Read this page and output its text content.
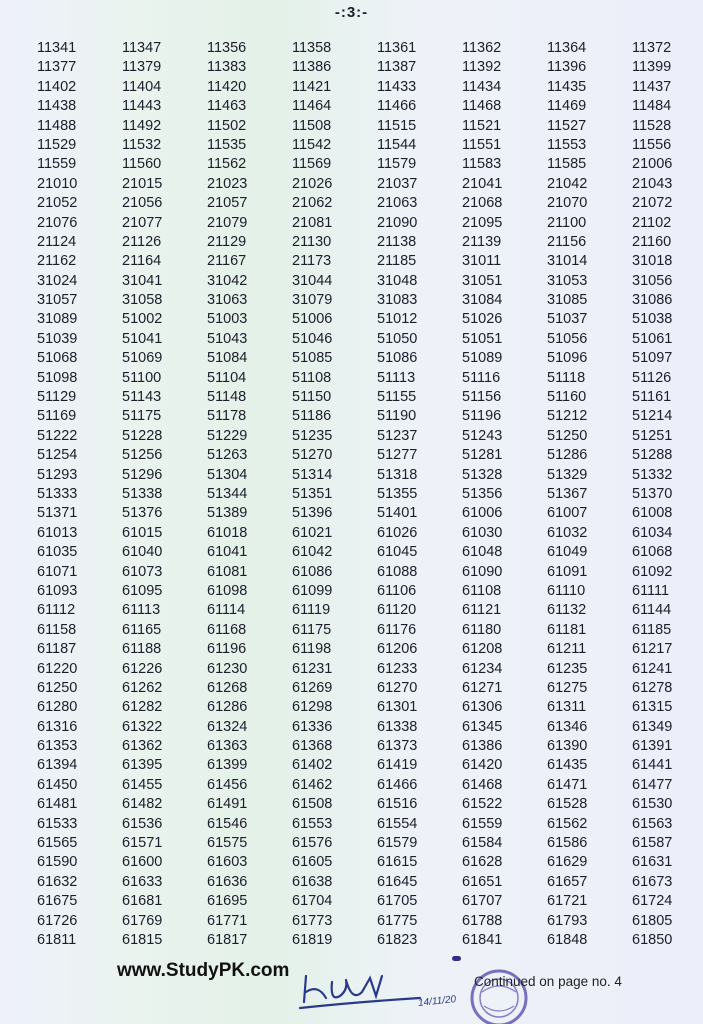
-:3:-
11341	11347	11356	11358	11361	11362	11364	11372
11377	11379	11383	11386	11387	11392	11396	11399
11402	11404	11420	11421	11433	11434	11435	11437
11438	11443	11463	11464	11466	11468	11469	11484
11488	11492	11502	11508	11515	11521	11527	11528
11529	11532	11535	11542	11544	11551	11553	11556
11559	11560	11562	11569	11579	11583	11585	21006
21010	21015	21023	21026	21037	21041	21042	21043
21052	21056	21057	21062	21063	21068	21070	21072
21076	21077	21079	21081	21090	21095	21100	21102
21124	21126	21129	21130	21138	21139	21156	21160
21162	21164	21167	21173	21185	31011	31014	31018
31024	31041	31042	31044	31048	31051	31053	31056
31057	31058	31063	31079	31083	31084	31085	31086
31089	51002	51003	51006	51012	51026	51037	51038
51039	51041	51043	51046	51050	51051	51056	51061
51068	51069	51084	51085	51086	51089	51096	51097
51098	51100	51104	51108	51113	51116	51118	51126
51129	51143	51148	51150	51155	51156	51160	51161
51169	51175	51178	51186	51190	51196	51212	51214
51222	51228	51229	51235	51237	51243	51250	51251
51254	51256	51263	51270	51277	51281	51286	51288
51293	51296	51304	51314	51318	51328	51329	51332
51333	51338	51344	51351	51355	51356	51367	51370
51371	51376	51389	51396	51401	61006	61007	61008
61013	61015	61018	61021	61026	61030	61032	61034
61035	61040	61041	61042	61045	61048	61049	61068
61071	61073	61081	61086	61088	61090	61091	61092
61093	61095	61098	61099	61106	61108	61110	61111
61112	61113	61114	61119	61120	61121	61132	61144
61158	61165	61168	61175	61176	61180	61181	61185
61187	61188	61196	61198	61206	61208	61211	61217
61220	61226	61230	61231	61233	61234	61235	61241
61250	61262	61268	61269	61270	61271	61275	61278
61280	61282	61286	61298	61301	61306	61311	61315
61316	61322	61324	61336	61338	61345	61346	61349
61353	61362	61363	61368	61373	61386	61390	61391
61394	61395	61399	61402	61419	61420	61435	61441
61450	61455	61456	61462	61466	61468	61471	61477
61481	61482	61491	61508	61516	61522	61528	61530
61533	61536	61546	61553	61554	61559	61562	61563
61565	61571	61575	61576	61579	61584	61586	61587
61590	61600	61603	61605	61615	61628	61629	61631
61632	61633	61636	61638	61645	61651	61657	61673
61675	61681	61695	61704	61705	61707	61721	61724
61726	61769	61771	61773	61775	61788	61793	61805
61811	61815	61817	61819	61823	61841	61848	61850
www.StudyPK.com
14/11/20
Continued on page no. 4
